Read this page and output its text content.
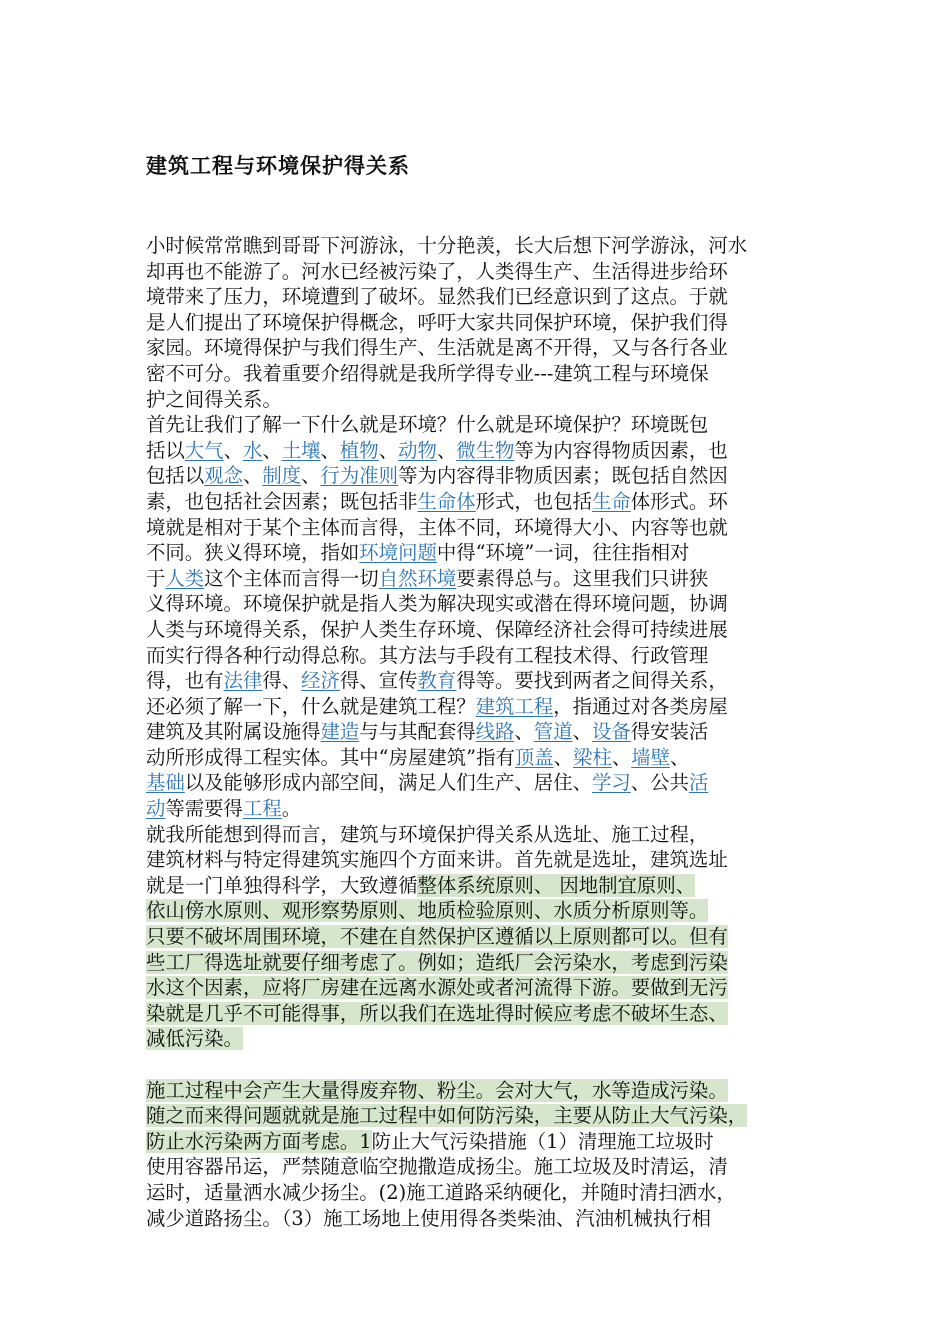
建筑工程与环境保护得关系
小时候常常瞧到哥哥下河游泳，十分艳羡，长大后想下河学游泳，河水
却再也不能游了。河水已经被污染了，人类得生产、生活得进步给环
境带来了压力，环境遭到了破坏。显然我们已经意识到了这点。于就
是人们提出了环境保护得概念，呼吁大家共同保护环境，保护我们得
家园。环境得保护与我们得生产、生活就是离不开得，又与各行各业
密不可分。我着重要介绍得就是我所学得专业---建筑工程与环境保
护之间得关系。
首先让我们了解一下什么就是环境？什么就是环境保护？环境既包
括以大气、水、土壤、植物、动物、微生物等为内容得物质因素，也
包括以观念、制度、行为准则等为内容得非物质因素；既包括自然因
素，也包括社会因素；既包括非生命体形式，也包括生命体形式。环
境就是相对于某个主体而言得，主体不同，环境得大小、内容等也就
不同。狭义得环境，指如环境问题中得“环境”一词，往往指相对
于人类这个主体而言得一切自然环境要素得总与。这里我们只讲狭
义得环境。环境保护就是指人类为解决现实或潜在得环境问题，协调
人类与环境得关系，保护人类生存环境、保障经济社会得可持续进展
而实行得各种行动得总称。其方法与手段有工程技术得、行政管理
得，也有法律得、经济得、宣传教育得等。要找到两者之间得关系，
还必须了解一下，什么就是建筑工程？建筑工程，指通过对各类房屋
建筑及其附属设施得建造与与其配套得线路、管道、设备得安装活
动所形成得工程实体。其中“房屋建筑”指有顶盖、梁柱、墙壁、
基础以及能够形成内部空间，满足人们生产、居住、学习、公共活
动等需要得工程。
就我所能想到得而言，建筑与环境保护得关系从选址、施工过程，
建筑材料与特定得建筑实施四个方面来讲。首先就是选址，建筑选址
就是一门单独得科学，大致遵循整体系统原则、 因地制宜原则、
依山傍水原则、观形察势原则、地质检验原则、水质分析原则等。
只要不破坏周围环境，不建在自然保护区遵循以上原则都可以。但有
些工厂得选址就要仔细考虑了。例如；造纸厂会污染水，考虑到污染
水这个因素，应将厂房建在远离水源处或者河流得下游。要做到无污
染就是几乎不可能得事，所以我们在选址得时候应考虑不破坏生态、
减低污染。
施工过程中会产生大量得废弃物、粉尘。会对大气，水等造成污染。
随之而来得问题就就是施工过程中如何防污染，主要从防止大气污染，
防止水污染两方面考虑。1防止大气污染措施（1）清理施工垃圾时
使用容器吊运，严禁随意临空抛撒造成扬尘。施工垃圾及时清运，清
运时，适量洒水减少扬尘。(2)施工道路采纳硬化，并随时清扫洒水，
减少道路扬尘。（3）施工场地上使用得各类柴油、汽油机械执行相
